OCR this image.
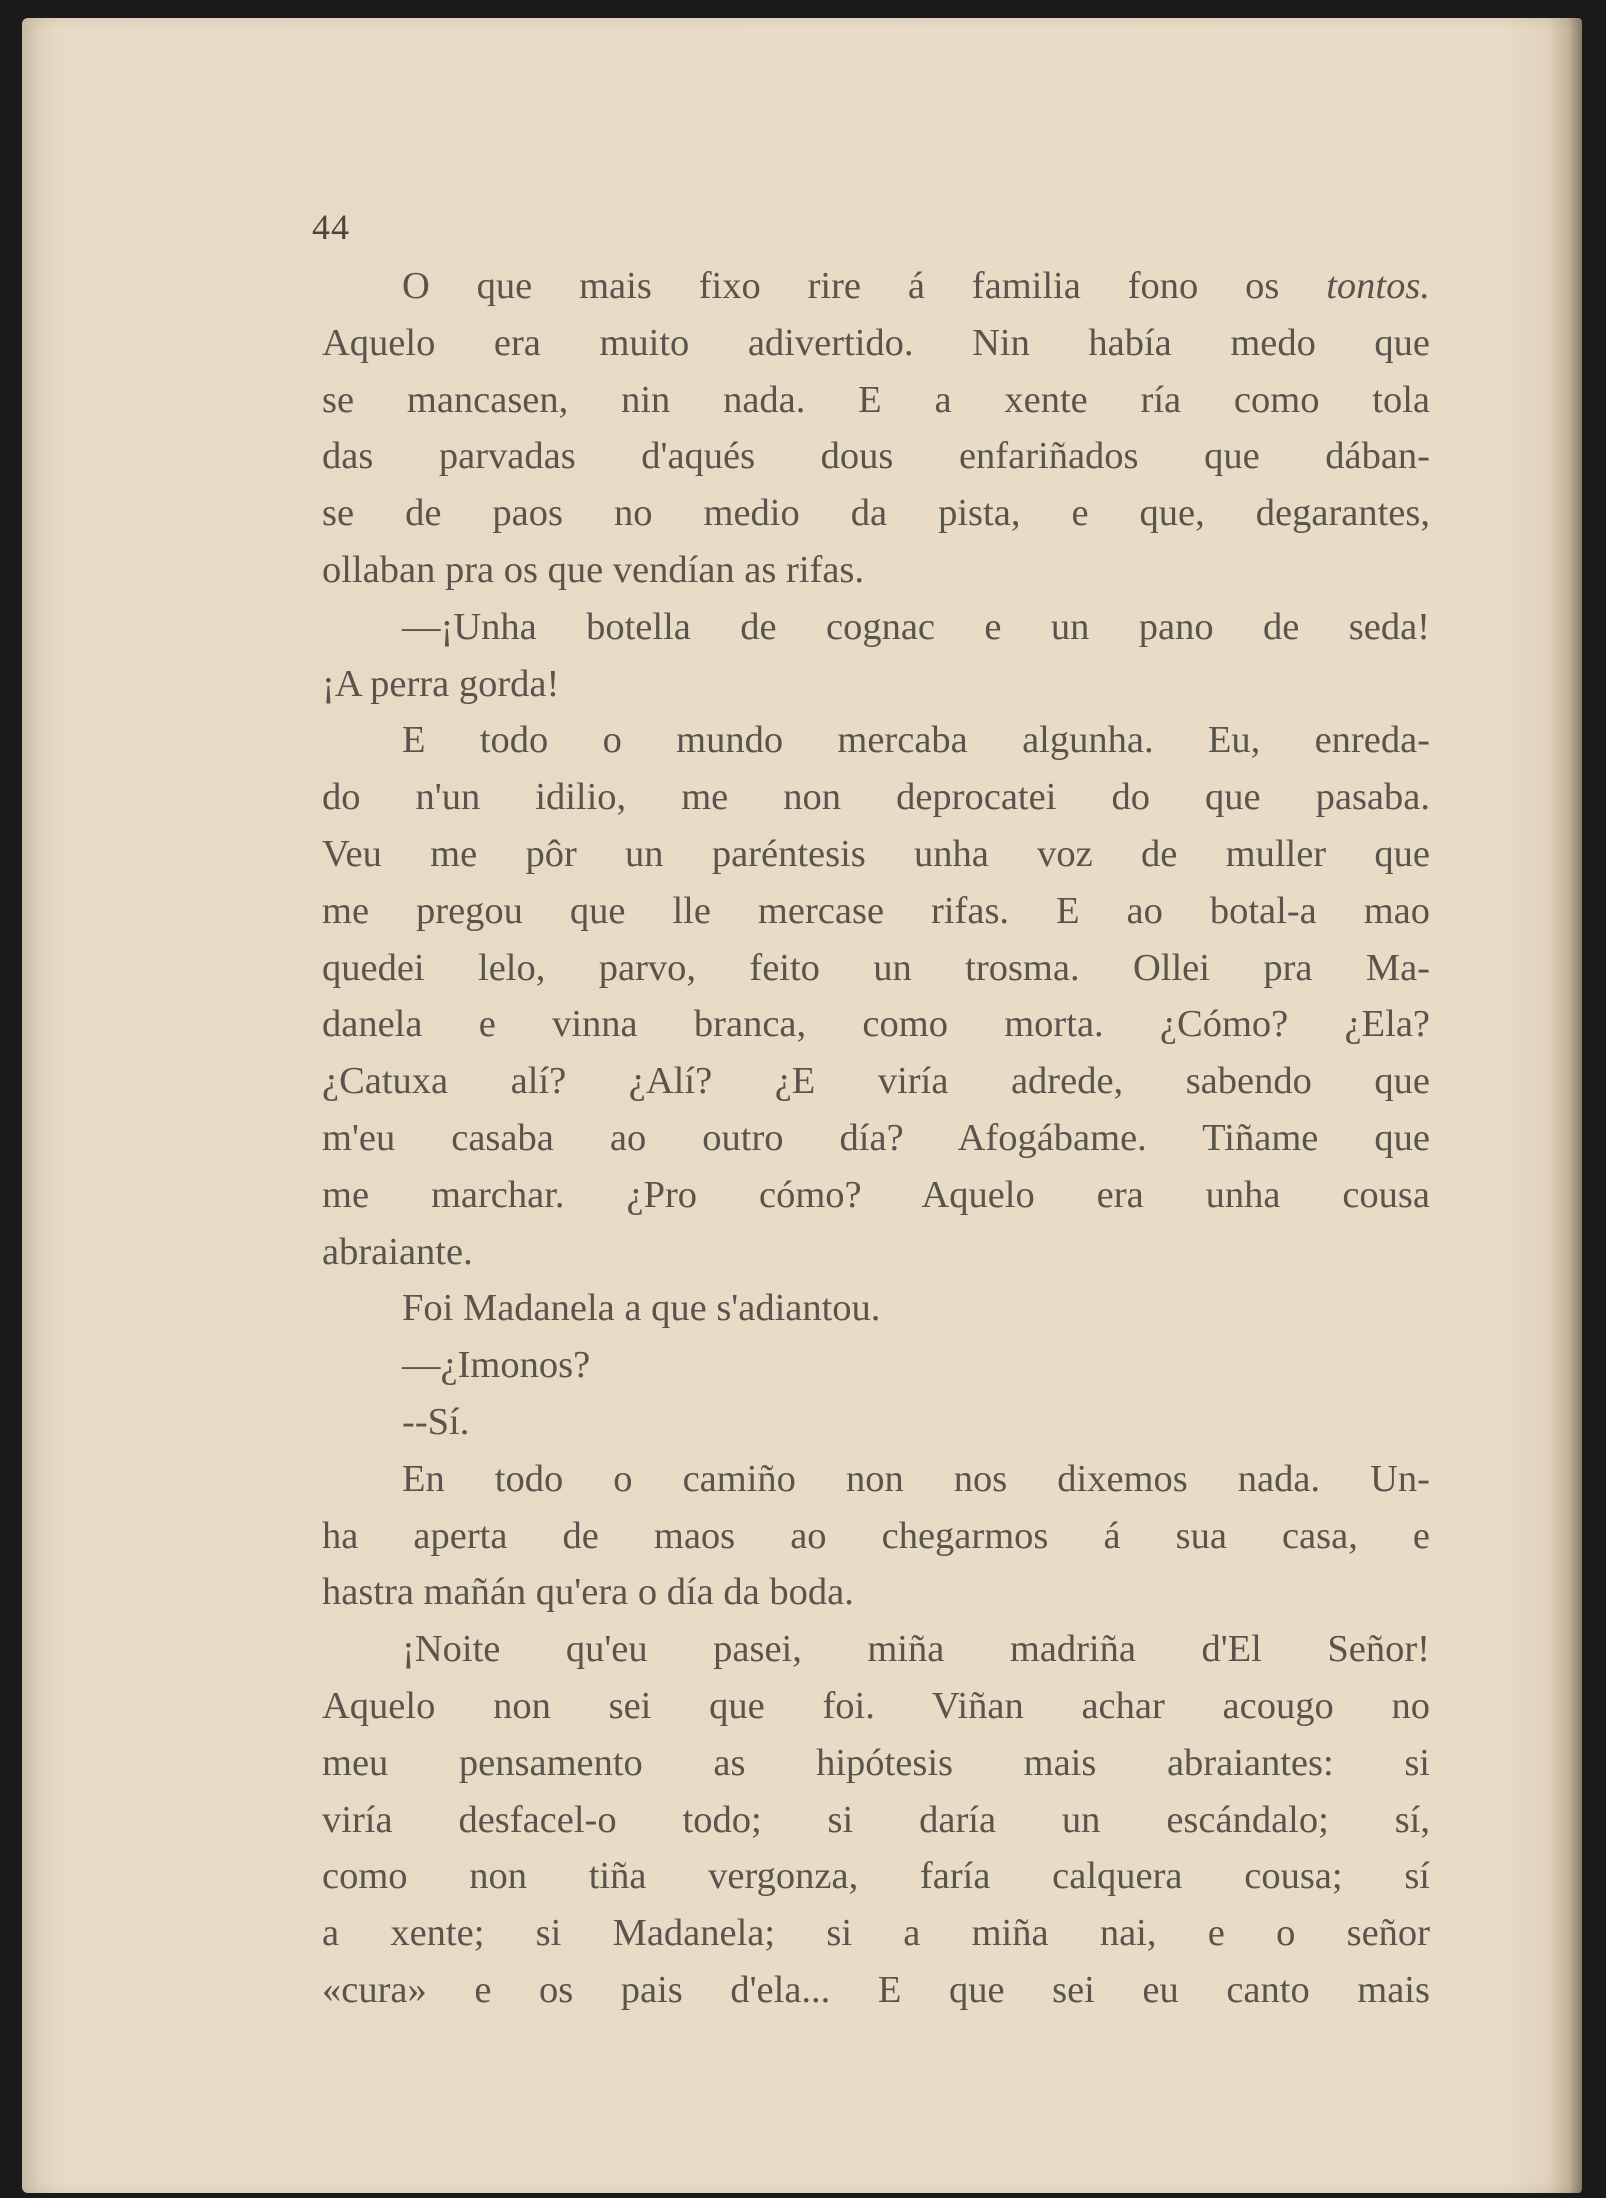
44
O que mais fixo rire á familia fono os tontos.
Aquelo era muito adivertido. Nin había medo que
se mancasen, nin nada. E a xente ría como tola
das parvadas d'aqués dous enfariñados que dában-
se de paos no medio da pista, e que, degarantes,
ollaban pra os que vendían as rifas.
—¡Unha botella de cognac e un pano de seda!
¡A perra gorda!
E todo o mundo mercaba algunha. Eu, enreda-
do n'un idilio, me non deprocatei do que pasaba.
Veu me pôr un paréntesis unha voz de muller que
me pregou que lle mercase rifas. E ao botal-a mao
quedei lelo, parvo, feito un trosma. Ollei pra Ma-
danela e vinna branca, como morta. ¿Cómo? ¿Ela?
¿Catuxa alí? ¿Alí? ¿E viría adrede, sabendo que
m'eu casaba ao outro día? Afogábame. Tiñame que
me marchar. ¿Pro cómo? Aquelo era unha cousa
abraiante.
Foi Madanela a que s'adiantou.
—¿Imonos?
--Sí.
En todo o camiño non nos dixemos nada. Un-
ha aperta de maos ao chegarmos á sua casa, e
hastra mañán qu'era o día da boda.
¡Noite qu'eu pasei, miña madriña d'El Señor!
Aquelo non sei que foi. Viñan achar acougo no
meu pensamento as hipótesis mais abraiantes: si
viría desfacel-o todo; si daría un escándalo; sí,
como non tiña vergonza, faría calquera cousa; sí
a xente; si Madanela; si a miña nai, e o señor
«cura» e os pais d'ela... E que sei eu canto mais
